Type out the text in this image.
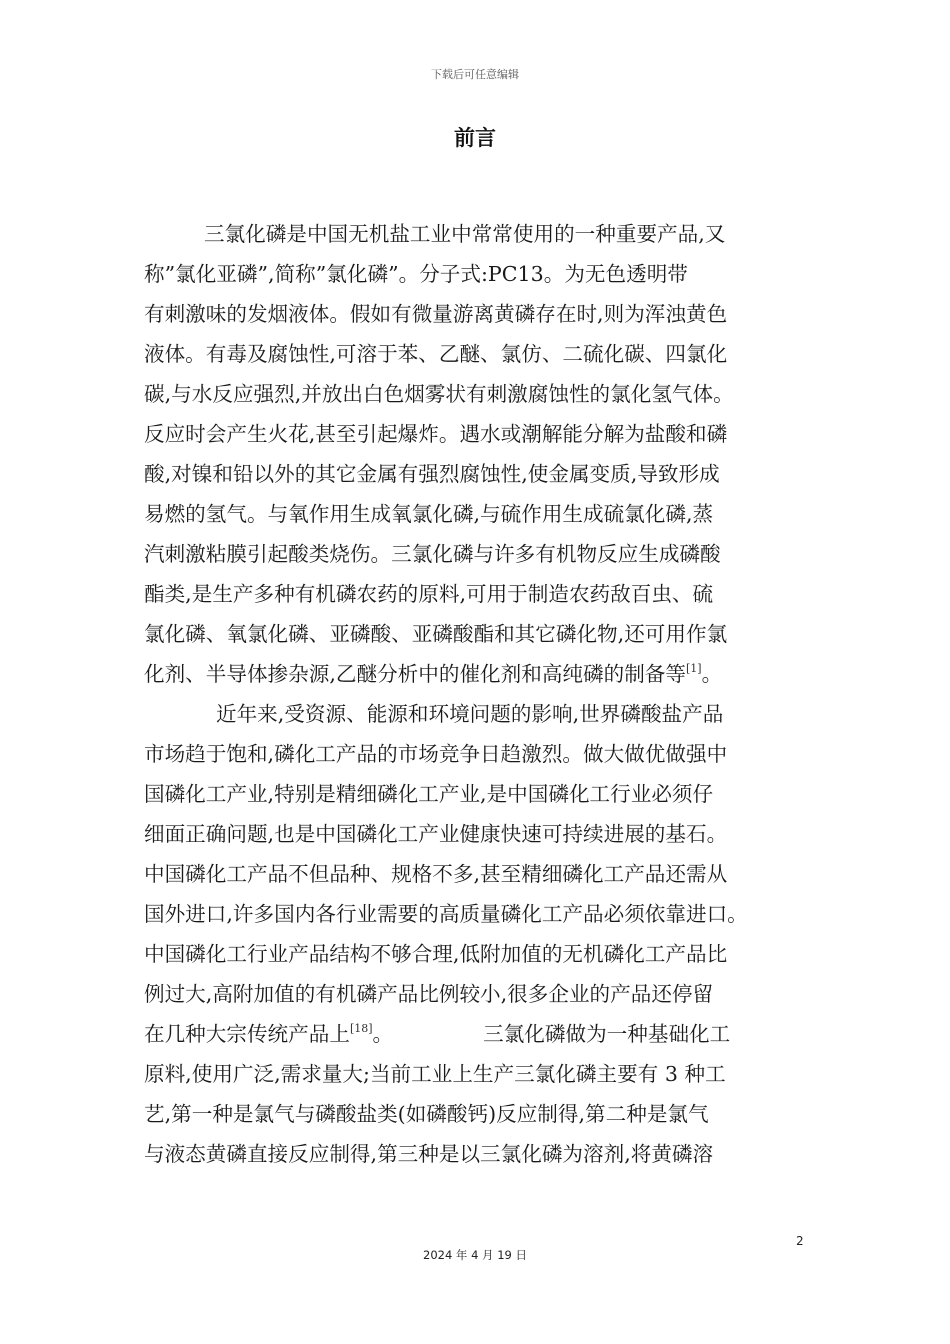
下载后可任意编辑
前言
三氯化磷是中国无机盐工业中常常使用的一种重要产品,又
称”氯化亚磷”,简称”氯化磷”。分子式:PC13。为无色透明带
有刺激味的发烟液体。假如有微量游离黄磷存在时,则为浑浊黄色
液体。有毒及腐蚀性,可溶于苯、乙醚、氯仿、二硫化碳、四氯化
碳,与水反应强烈,并放出白色烟雾状有刺激腐蚀性的氯化氢气体。
反应时会产生火花,甚至引起爆炸。遇水或潮解能分解为盐酸和磷
酸,对镍和铅以外的其它金属有强烈腐蚀性,使金属变质,导致形成
易燃的氢气。与氧作用生成氧氯化磷,与硫作用生成硫氯化磷,蒸
汽刺激粘膜引起酸类烧伤。三氯化磷与许多有机物反应生成磷酸
酯类,是生产多种有机磷农药的原料,可用于制造农药敌百虫、硫
氯化磷、氧氯化磷、亚磷酸、亚磷酸酯和其它磷化物,还可用作氯
化剂、半导体掺杂源,乙醚分析中的催化剂和高纯磷的制备等[1]。
近年来,受资源、能源和环境问题的影响,世界磷酸盐产品
市场趋于饱和,磷化工产品的市场竞争日趋激烈。做大做优做强中
国磷化工产业,特别是精细磷化工产业,是中国磷化工行业必须仔
细面正确问题,也是中国磷化工产业健康快速可持续进展的基石。
中国磷化工产品不但品种、规格不多,甚至精细磷化工产品还需从
国外进口,许多国内各行业需要的高质量磷化工产品必须依靠进口。
中国磷化工行业产品结构不够合理,低附加值的无机磷化工产品比
例过大,高附加值的有机磷产品比例较小,很多企业的产品还停留
在几种大宗传统产品上[18]。	三氯化磷做为一种基础化工
原料,使用广泛,需求量大;当前工业上生产三氯化磷主要有 3 种工
艺,第一种是氯气与磷酸盐类(如磷酸钙)反应制得,第二种是氯气
与液态黄磷直接反应制得,第三种是以三氯化磷为溶剂,将黄磷溶
2
2024 年 4 月 19 日
